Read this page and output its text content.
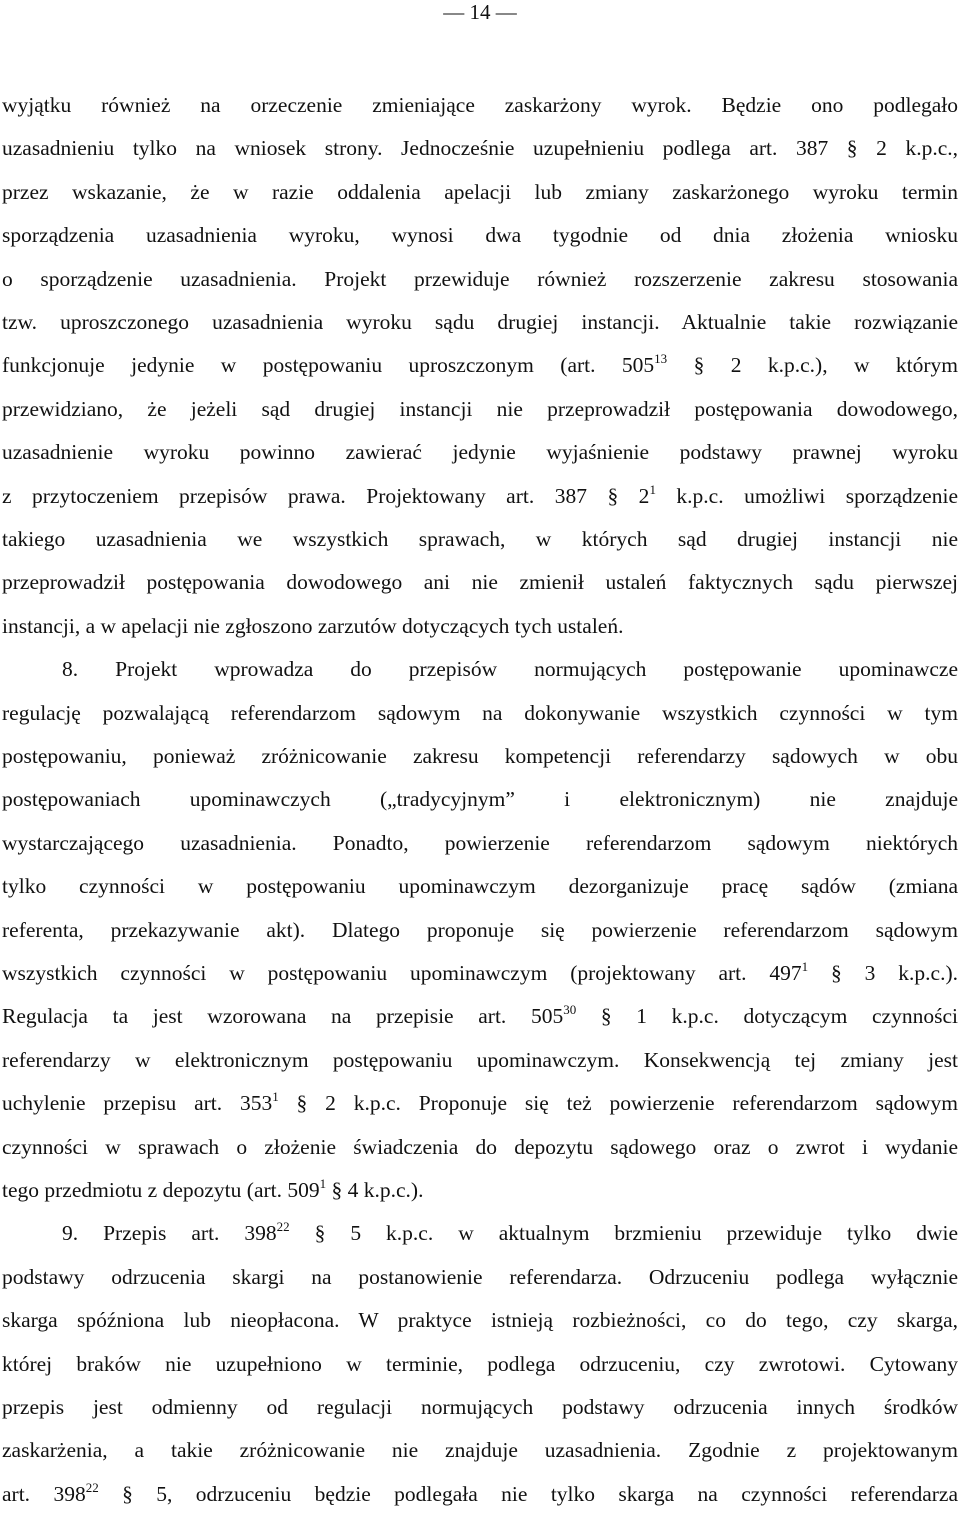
— 14 —
wyjątku również na orzeczenie zmieniające zaskarżony wyrok. Będzie ono podlegało
uzasadnieniu tylko na wniosek strony. Jednocześnie uzupełnieniu podlega art. 387 § 2 k.p.c.,
przez wskazanie, że w razie oddalenia apelacji lub zmiany zaskarżonego wyroku termin
sporządzenia uzasadnienia wyroku, wynosi dwa tygodnie od dnia złożenia wniosku
o sporządzenie uzasadnienia. Projekt przewiduje również rozszerzenie zakresu stosowania
tzw. uproszczonego uzasadnienia wyroku sądu drugiej instancji. Aktualnie takie rozwiązanie
funkcjonuje jedynie w postępowaniu uproszczonym (art. $505^{13}$ § 2 k.p.c.), w którym
przewidziano, że jeżeli sąd drugiej instancji nie przeprowadził postępowania dowodowego,
uzasadnienie wyroku powinno zawierać jedynie wyjaśnienie podstawy prawnej wyroku
z przytoczeniem przepisów prawa. Projektowany art. 387 § $2^1$ k.p.c. umożliwi sporządzenie
takiego uzasadnienia we wszystkich sprawach, w których sąd drugiej instancji nie
przeprowadził postępowania dowodowego ani nie zmienił ustaleń faktycznych sądu pierwszej
instancji, a w apelacji nie zgłoszono zarzutów dotyczących tych ustaleń.
8. Projekt wprowadza do przepisów normujących postępowanie upominawcze
regulację pozwalającą referendarzom sądowym na dokonywanie wszystkich czynności w tym
postępowaniu, ponieważ zróżnicowanie zakresu kompetencji referendarzy sądowych w obu
postępowaniach upominawczych („tradycyjnym” i elektronicznym) nie znajduje
wystarczającego uzasadnienia. Ponadto, powierzenie referendarzom sądowym niektórych
tylko czynności w postępowaniu upominawczym dezorganizuje pracę sądów (zmiana
referenta, przekazywanie akt). Dlatego proponuje się powierzenie referendarzom sądowym
wszystkich czynności w postępowaniu upominawczym (projektowany art. $497^1$ § 3 k.p.c.).
Regulacja ta jest wzorowana na przepisie art. $505^{30}$ § 1 k.p.c. dotyczącym czynności
referendarzy w elektronicznym postępowaniu upominawczym. Konsekwencją tej zmiany jest
uchylenie przepisu art. $353^1$ § 2 k.p.c. Proponuje się też powierzenie referendarzom sądowym
czynności w sprawach o złożenie świadczenia do depozytu sądowego oraz o zwrot i wydanie
tego przedmiotu z depozytu (art. $509^1$ § 4 k.p.c.).
9. Przepis art. $398^{22}$ § 5 k.p.c. w aktualnym brzmieniu przewiduje tylko dwie
podstawy odrzucenia skargi na postanowienie referendarza. Odrzuceniu podlega wyłącznie
skarga spóźniona lub nieopłacona. W praktyce istnieją rozbieżności, co do tego, czy skarga,
której braków nie uzupełniono w terminie, podlega odrzuceniu, czy zwrotowi. Cytowany
przepis jest odmienny od regulacji normujących podstawy odrzucenia innych środków
zaskarżenia, a takie zróżnicowanie nie znajduje uzasadnienia. Zgodnie z projektowanym
art. $398^{22}$ § 5, odrzuceniu będzie podlegała nie tylko skarga na czynności referendarza
